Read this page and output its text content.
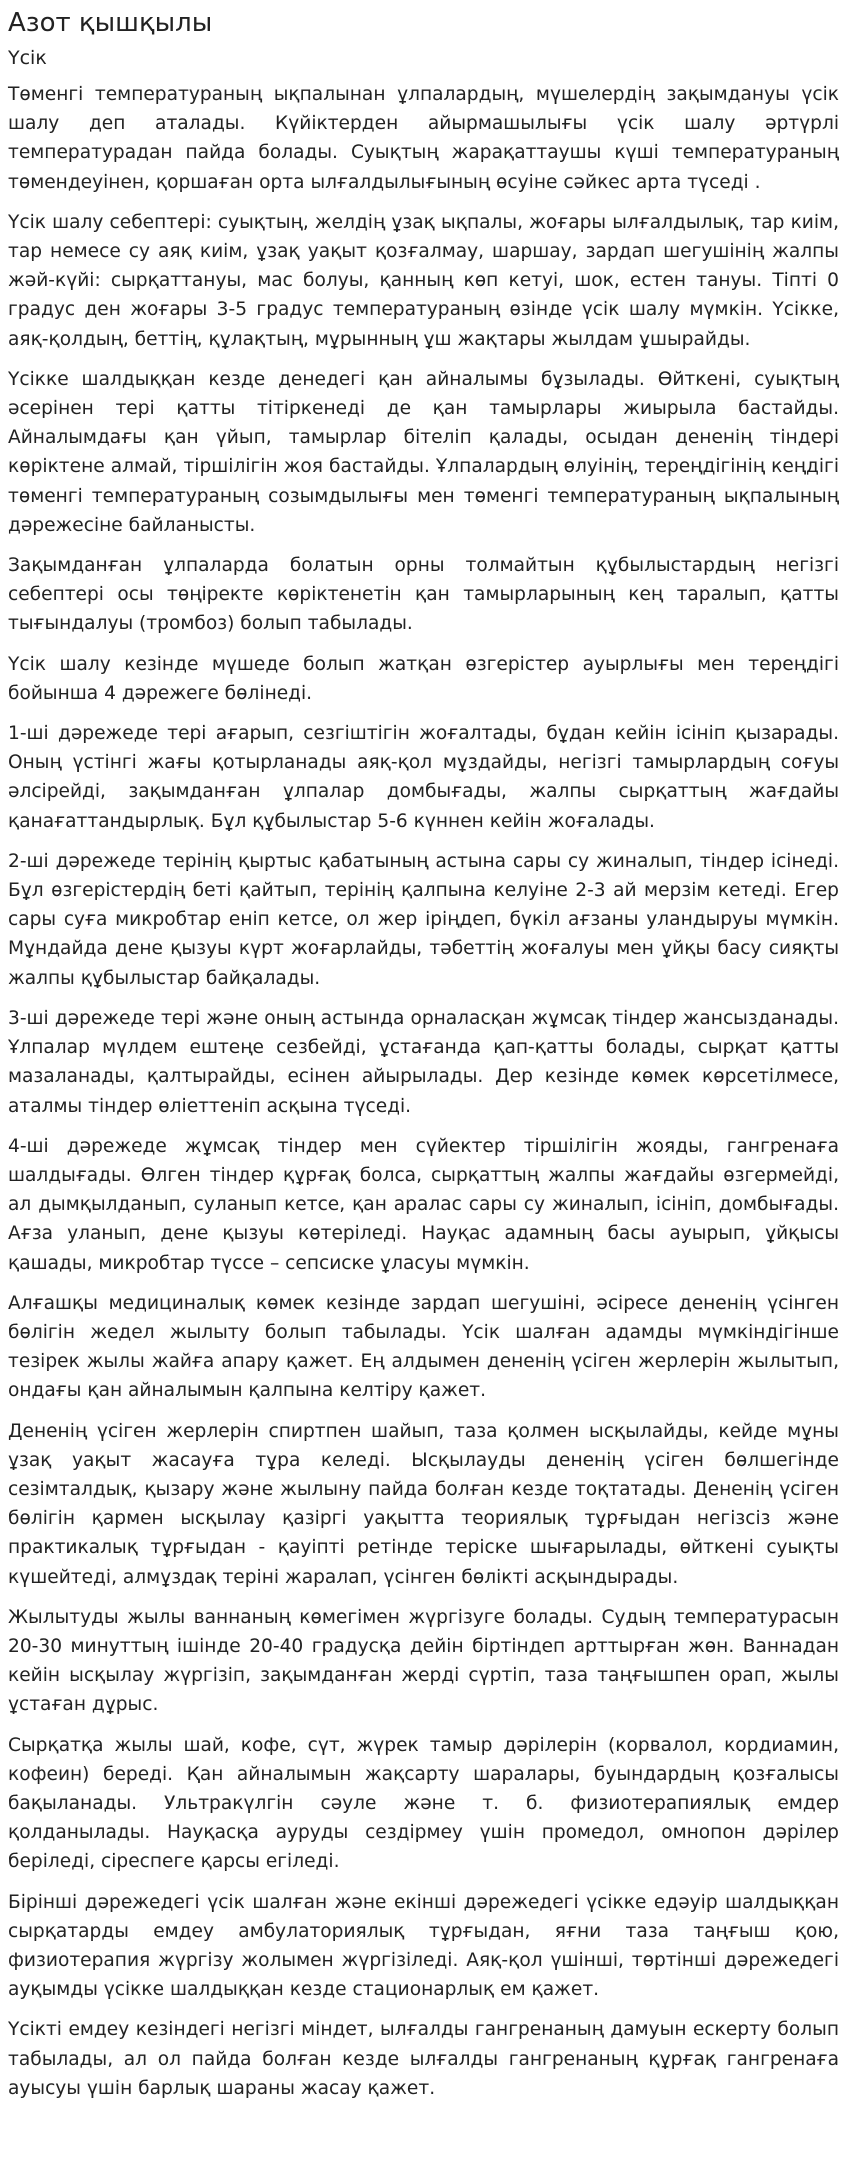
Азот қышқылы
Үсік

Төменгі температураның ықпалынан ұлпалардың, мүшелердің зақымдануы үсік шалу деп аталады. Күйіктерден айырмашылығы үсік шалу әртүрлі температурадан пайда болады. Суықтың жарақаттаушы күші температураның төмендеуінен, қоршаған орта ылғалдылығының өсуіне сәйкес арта түседі .

Үсік шалу себептері: суықтың, желдің ұзақ ықпалы, жоғары ылғалдылық, тар киім, тар немесе су аяқ киім, ұзақ уақыт қозғалмау, шаршау, зардап шегушінің жалпы жәй-күйі: сырқаттануы, мас болуы, қанның көп кетуі, шок, естен тануы. Тіпті 0 градус ден жоғары 3-5 градус температураның өзінде үсік шалу мүмкін. Үсікке, аяқ-қолдың, беттің, құлақтың, мұрынның ұш жақтары жылдам ұшырайды.

Үсікке шалдыққан кезде денедегі қан айналымы бұзылады. Өйткені, суықтың әсерінен тері қатты тітіркенеді де қан тамырлары жиырыла бастайды. Айналымдағы қан үйып, тамырлар бітеліп қалады, осыдан дененің тіндері көріктене алмай, тіршілігін жоя бастайды. Ұлпалардың өлуінің, тереңдігінің кеңдігі төменгі температураның созымдылығы мен төменгі температураның ықпалының дәрежесіне байланысты.

Зақымданған ұлпаларда болатын орны толмайтын құбылыстардың негізгі себептері осы төңіректе көріктенетін қан тамырларының кең таралып, қатты тығындалуы (тромбоз) болып табылады.

Үсік шалу кезінде мүшеде болып жатқан өзгерістер ауырлығы мен тереңдігі бойынша 4 дәрежеге бөлінеді.

1-ші дәрежеде тері ағарып, сезгіштігін жоғалтады, бұдан кейін ісініп қызарады. Оның үстінгі жағы қотырланады аяқ-қол мұздайды, негізгі тамырлардың соғуы әлсірейді, зақымданған ұлпалар домбығады, жалпы сырқаттың жағдайы қанағаттандырлық. Бұл құбылыстар 5-6 күннен кейін жоғалады.

2-ші дәрежеде терінің қыртыс қабатының астына сары су жиналып, тіндер ісінеді. Бұл өзгерістердің беті қайтып, терінің қалпына келуіне 2-3 ай мерзім кетеді. Егер сары суға микробтар еніп кетсе, ол жер іріңдеп, бүкіл ағзаны уландыруы мүмкін. Мұндайда дене қызуы күрт жоғарлайды, тәбеттің жоғалуы мен ұйқы басу сияқты жалпы құбылыстар байқалады.

3-ші дәрежеде тері және оның астында орналасқан жұмсақ тіндер жансызданады. Ұлпалар мүлдем ештеңе сезбейді, ұстағанда қап-қатты болады, сырқат қатты мазаланады, қалтырайды, есінен айырылады. Дер кезінде көмек көрсетілмесе, аталмы тіндер өліеттеніп асқына түседі.

4-ші дәрежеде жұмсақ тіндер мен сүйектер тіршілігін жояды, гангренаға шалдығады. Өлген тіндер құрғақ болса, сырқаттың жалпы жағдайы өзгермейді, ал дымқылданып, суланып кетсе, қан аралас сары су жиналып, ісініп, домбығады. Ағза уланып, дене қызуы көтеріледі. Науқас адамның басы ауырып, ұйқысы қашады, микробтар түссе – сепсиске ұласуы мүмкін.

Алғашқы медициналық көмек кезінде зардап шегушіні, әсіресе дененің үсінген бөлігін жедел жылыту болып табылады. Үсік шалған адамды мүмкіндігінше тезірек жылы жайға апару қажет. Ең алдымен дененің үсіген жерлерін жылытып, ондағы қан айналымын қалпына келтіру қажет.

Дененің үсіген жерлерін спиртпен шайып, таза қолмен ысқылайды, кейде мұны ұзақ уақыт жасауға тұра келеді. Ысқылауды дененің үсіген бөлшегінде сезімталдық, қызару және жылыну пайда болған кезде тоқтатады. Дененің үсіген бөлігін қармен ысқылау қазіргі уақытта теориялық тұрғыдан негізсіз және практикалық тұрғыдан - қауіпті ретінде теріске шығарылады, өйткені суықты күшейтеді, алмұздақ теріні жаралап, үсінген бөлікті асқындырады.

Жылытуды жылы ваннаның көмегімен жүргізуге болады. Судың температурасын 20-30 минуттың ішінде 20-40 градусқа дейін біртіндеп арттырған жөн. Ваннадан кейін ысқылау жүргізіп, зақымданған жерді сүртіп, таза таңғышпен орап, жылы ұстаған дұрыс.

Сырқатқа жылы шай, кофе, сүт, жүрек тамыр дәрілерін (корвалол, кордиамин, кофеин) береді. Қан айналымын жақсарту шаралары, буындардың қозғалысы бақыланады. Ультракүлгін сәуле және т. б. физиотерапиялық емдер қолданылады. Науқасқа ауруды сездірмеу үшін промедол, омнопон дәрілер беріледі, сіреспеге қарсы егіледі.

Бірінші дәрежедегі үсік шалған және екінші дәрежедегі үсікке едәуір шалдыққан сырқатарды емдеу амбулаториялық тұрғыдан, яғни таза таңғыш қою, физиотерапия жүргізу жолымен жүргізіледі. Аяқ-қол үшінші, төртінші дәрежедегі ауқымды үсікке шалдыққан кезде стационарлық ем қажет.

Үсікті емдеу кезіндегі негізгі міндет, ылғалды гангренаның дамуын ескерту болып табылады, ал ол пайда болған кезде ылғалды гангренаның құрғақ гангренаға ауысуы үшін барлық шараны жасау қажет.
